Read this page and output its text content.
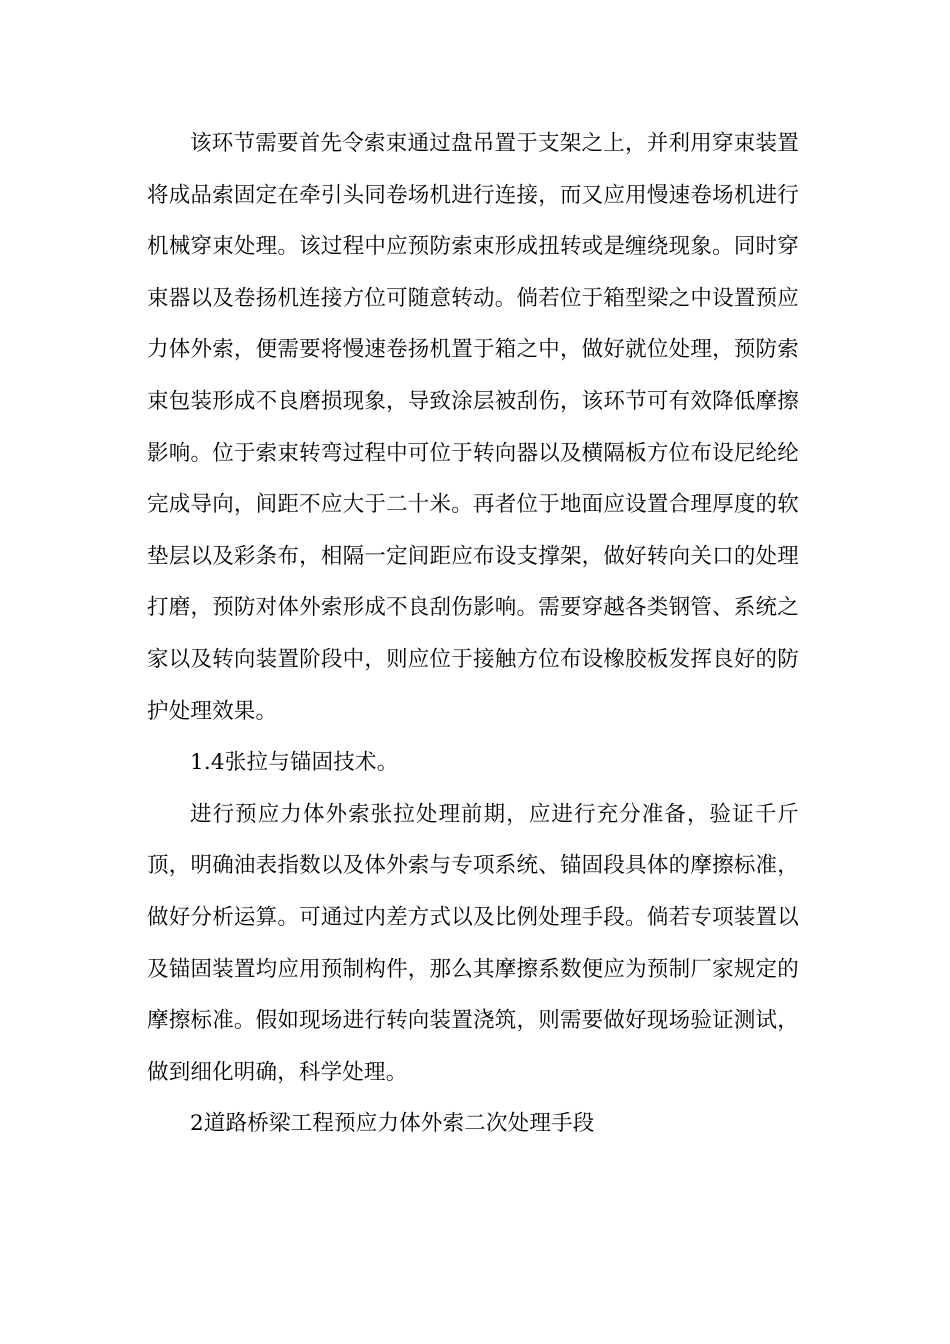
该环节需要首先令索束通过盘吊置于支架之上，并利用穿束装置将成品索固定在牵引头同卷场机进行连接，而又应用慢速卷场机进行机械穿束处理。该过程中应预防索束形成扭转或是缠绕现象。同时穿束器以及卷扬机连接方位可随意转动。倘若位于箱型梁之中设置预应力体外索，便需要将慢速卷扬机置于箱之中，做好就位处理，预防索束包装形成不良磨损现象，导致涂层被刮伤，该环节可有效降低摩擦影响。位于索束转弯过程中可位于转向器以及横隔板方位布设尼纶纶完成导向，间距不应大于二十米。再者位于地面应设置合理厚度的软垫层以及彩条布，相隔一定间距应布设支撑架，做好转向关口的处理打磨，预防对体外索形成不良刮伤影响。需要穿越各类钢管、系统之家以及转向装置阶段中，则应位于接触方位布设橡胶板发挥良好的防护处理效果。

1.4张拉与锚固技术。

进行预应力体外索张拉处理前期，应进行充分准备，验证千斤顶，明确油表指数以及体外索与专项系统、锚固段具体的摩擦标准，做好分析运算。可通过内差方式以及比例处理手段。倘若专项装置以及锚固装置均应用预制构件，那么其摩擦系数便应为预制厂家规定的摩擦标准。假如现场进行转向装置浇筑，则需要做好现场验证测试，做到细化明确，科学处理。

2道路桥梁工程预应力体外索二次处理手段
